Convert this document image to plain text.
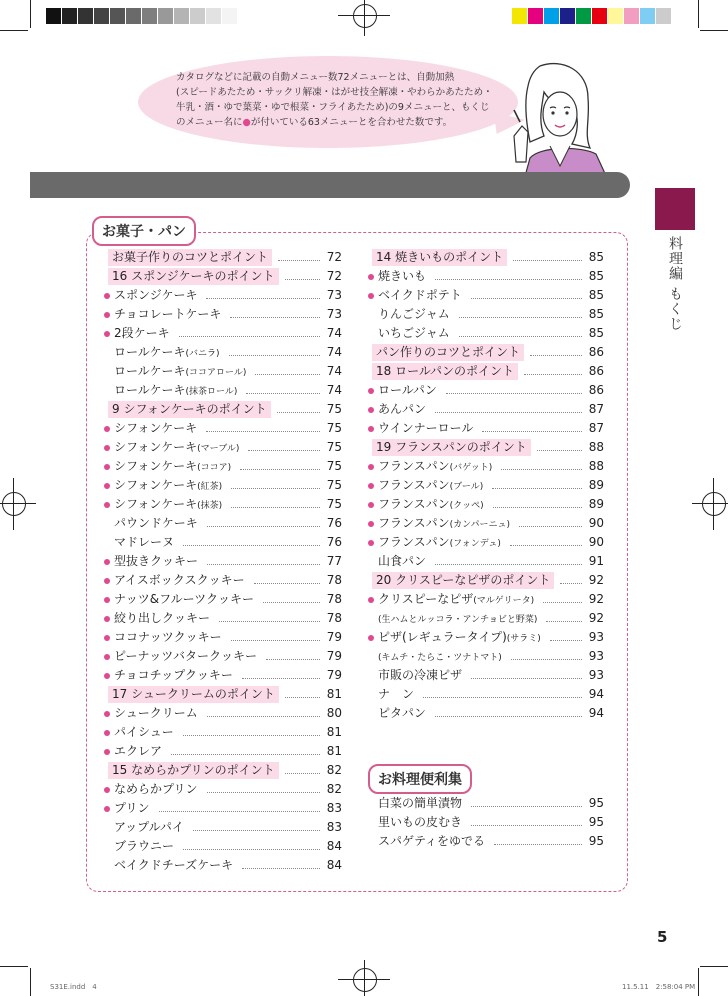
カタログなどに記載の自動メニュー数72メニューとは、自動加熱
(スピードあたため・サックリ解凍・はがせ技全解凍・やわらかあたため・
牛乳・酒・ゆで葉菜・ゆで根菜・フライあたため)の9メニューと、もくじ
のメニュー名に●が付いている63メニューとを合わせた数です。
料理編 もくじ
お菓子・パン
お料理便利集
お菓子作りのコツとポイント	72
16 スポンジケーキのポイント	72
スポンジケーキ	73
チョコレートケーキ	73
2段ケーキ	74
ロールケーキ(バニラ)	74
ロールケーキ(ココアロール)	74
ロールケーキ(抹茶ロール)	74
9 シフォンケーキのポイント	75
シフォンケーキ	75
シフォンケーキ(マーブル)	75
シフォンケーキ(ココア)	75
シフォンケーキ(紅茶)	75
シフォンケーキ(抹茶)	75
パウンドケーキ	76
マドレーヌ	76
型抜きクッキー	77
アイスボックスクッキー	78
ナッツ&フルーツクッキー	78
絞り出しクッキー	78
ココナッツクッキー	79
ピーナッツバタークッキー	79
チョコチップクッキー	79
17 シュークリームのポイント	81
シュークリーム	80
パイシュー	81
エクレア	81
15 なめらかプリンのポイント	82
なめらかプリン	82
プリン	83
アップルパイ	83
ブラウニー	84
ベイクドチーズケーキ	84
14 焼きいものポイント	85
焼きいも	85
ベイクドポテト	85
りんごジャム	85
いちごジャム	85
パン作りのコツとポイント	86
18 ロールパンのポイント	86
ロールパン	86
あんパン	87
ウインナーロール	87
19 フランスパンのポイント	88
フランスパン(バゲット)	88
フランスパン(ブール)	89
フランスパン(クッペ)	89
フランスパン(カンパーニュ)	90
フランスパン(フォンデュ)	90
山食パン	91
20 クリスピーなピザのポイント	92
クリスピーなピザ(マルゲリータ)	92
(生ハムとルッコラ・アンチョビと野菜)	92
ピザ(レギュラータイプ)(サラミ)	93
(キムチ・たらこ・ツナトマト)	93
市販の冷凍ピザ	93
ナ　ン	94
ピタパン	94
白菜の簡単漬物	95
里いもの皮むき	95
スパゲティをゆでる	95
5
S31E.indd　4	11.5.11　2:58:04 PM
